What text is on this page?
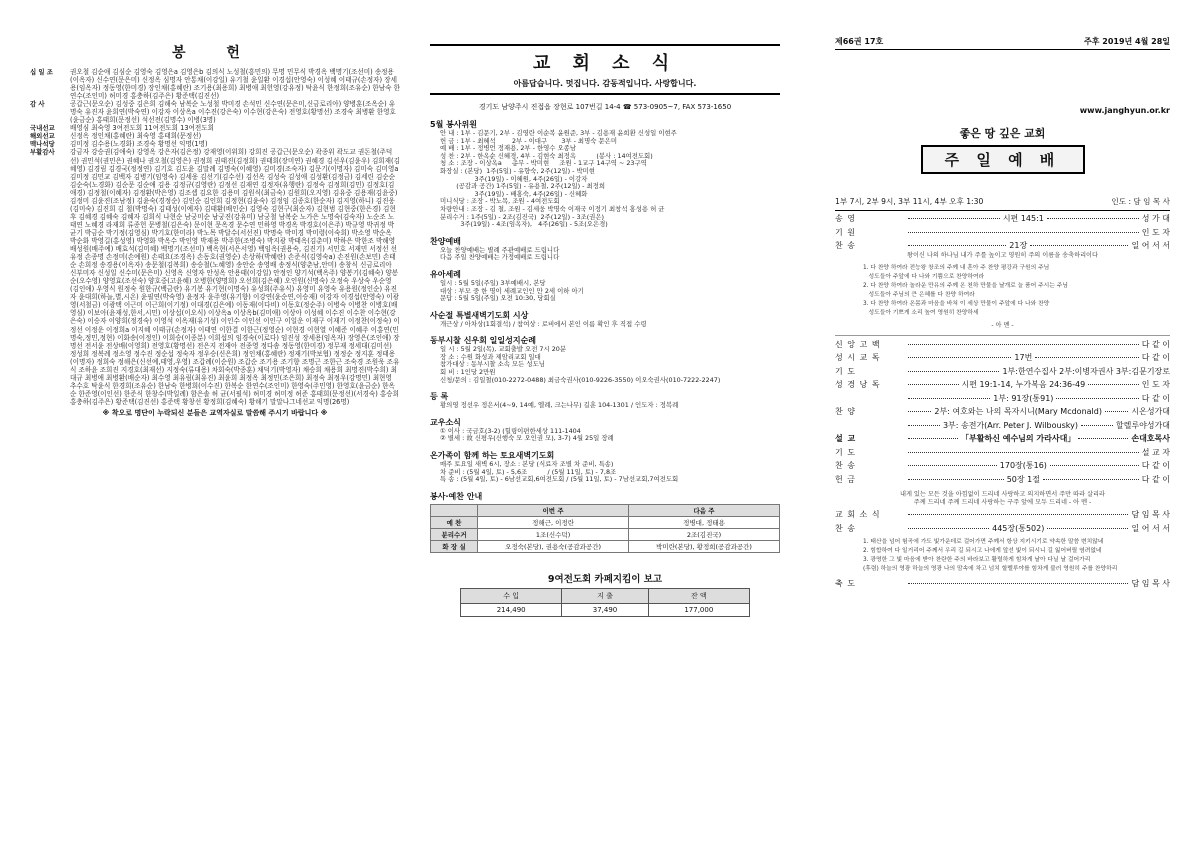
봉 헌
십 일 조	권오철 김순애 김심순 김영숙 김영은a 김영은b 김의식 노성철(흥민의) 무명 민무식 박경옥 백명기(조선미) 송정용(이옥자) 신수연(문은미) 신정옥 심명자 안통채(이강일) 유기철 윤일환 이경섭(안영숙) 이성혜 이태규(손정자) 장세용(임옥자) 정동영(한미경) 장인채(홍혜란) 조기용(최용희) 최병애 최헌영(강유정) 탁윤식 한정희(조유순) 한남숙 한연수(조인미) 허미경 홍충하(김주은) 황준택(김진선)
감 사	공갑근(문오순) 김성중 김은희 김해숙 남복순 노성철 박미경 손석민 신수연(문은미,신금로리아) 양병훈(조옥순) 유명숙 유진자 윤희연(박숙연) 이강자 이상옥a 이수진(강은숙) 이수현(강은숙) 전영호(황명선) 조경숙 최병환 한영호(윤금순) 홍태희(문정선) 석선전(김명수) 이병(3명)
국내선교	배영심 최숙영 3여전도회 11여전도회 13여전도회
해외선교	신정옥 정인채(홍혜란) 최숙영 홍태희(문정선)
맥나석당	김미정 김수용(노경화) 조경숙 황명선 익명(1명)
부활감사	강금자 강승권(김애숙) 강영옥 강은자(김은정) 강재영(이위희) 강희진 공갑근(문오순) 곽종위 곽도교 권돈철(주덕선) 권민석(권민은) 권혜나 권오철(김영은) 권정희 권태진(김정희) 권태희(장미연) 권혜경 김선우(김윤우) 김희재(김혜영) 김경림 김경국(정정연) 김기호 김도윤 김말례 김명숙(이혜영) 김미경(조숙자) 김문기(이명자) 김미숙 김미영a 김미정 김민교 김백자 김병기(임영숙) 김세웅 김선기(김수선) 김선옥 김성숙 김성애 김성환(김정금) 김세린 김순순 김순숙(노경화) 김순문 김순애 김용 김정규(김영란) 김정선 김재연 김정자(유행란) 김정숙 김정희(김민) 김정호(김애경) 김정철(이혜자) 김정환(박은영) 김조셉 김요한 김용미 김원식(최금숙) 김원희(오지영) 김유중 김용재(김윤중) 김정미 김윤진(조남정) 김윤숙(경정순) 김인순 김인희 김정현(김윤숙) 김정임 김종호(한순자) 김지영(하니) 김진웅(김미숙) 김진희 김 철(박명숙) 김태성(이예자) 김태환(배인순) 김영숙 김현구(최순자) 김현범 김현중(한은경) 김현후 김혜경 김혜숙 김혜자 김희식 나현순 남궁미순 남궁진(강유미) 남궁철 남복순 노가은 노명숙(김숙자) 노순조 노태연 노혜경 라재희 류종헌 문병철(김은숙) 문이현 문옥경 문수연 민하영 박경옥 박경호(이은주) 박규영 박귀정 박균기 박금순 박기정(김영심) 박기호(한미라) 박노목 박달수(서선진) 박명숙 박미경 박미령(이숙희) 박소영 박순옥 박순화 박영길(홍성영) 박영화 박옥수 박인영 박재용 박주한(조병숙) 박지광 박태옥(김춘미) 박하은 박한조 박해영 배성원(배주예) 배효석(김미혜) 백명기(조선미) 백옥현(서은서영) 백임옥(권용숙, 김진기) 서민호 서재민 서정선 선유정 손종명 손정미(손예원) 손태요(조경옥) 손동호(권영순) 손상하(박혜란) 손준식(김영숙a) 손진원(손보민) 손태순 손희정 송경용(이옥자) 송문철(김복희) 송승철(노혜영) 송안순 송영배 송정식(양춘남,안미) 송창식 신금로리아 신부미자 신성일 신수미(문은미) 신영옥 신영자 안성옥 안용태(이강일) 안정인 양기석(백옥주) 양봉기(김혜숙) 양봉순(오수영) 양영효(조선숙) 양호중(고윤혜) 오병한(양명희) 오선희(김은혜) 오인원(신명숙) 오정숙 우상숙 우순영(김인애) 우영식 원정숙 원한규(백금란) 유기봉 유기현(이명숙) 유성희(주유식) 유영미 유영숙 유용원(정인순) 유진자 윤대희(하늘,별,시온) 윤필연(박숙영) 윤정자 윤주영(유기향) 이강연(윤순연,이승재) 이강자 이경섭(안영숙) 이광영(서철금) 이광택 이근미 이근희(이기정) 이대경(김은예) 이동재(이다비) 이동호(정순주) 이병숙 이병찬 이병호(배영심) 이보아(윤재성,한서,시민) 이상섭(이오식) 이상옥a 이상옥b(김미애) 이상아 이성혜 이수진 이수찬 이수현(강은숙) 이승자 이양희(정경숙) 이영석 이옥재(유기성) 이인수 이인선 이인구 이일운 이재구 이재기 이정찬(이정숙) 이정선 이정운 이정희a 이지혜 이태규(손정자) 이태연 이한결 이한근(정영순) 이현경 이현열 이혜준 이혜주 이홍연(민명숙,정민,정현) 이화송(이정인) 이희승(이종분) 이희섭의 임경숙(이로다) 임진성 장세용(임옥자) 장영은(조인애) 장명선 전서윤 전상배(이영희) 전영호(황명선) 전은지 전재아 전종영 정다솜 정동영(한미경) 정무재 정세대(김미선) 정성희 정복례 정소영 정수진 정순섭 정숙자 정우승(신은희) 정인채(홍혜란) 정재기(박보협) 정정순 정지훈 정태용(이명자) 정희숙 정해은(신선예,태영,우영) 조갑례(이순원) 조갑순 조기용 조기향 조명근 조한근 조숙경 조원욱 조유식 조하윤 조희진 지경호(최재선) 지정숙(류대용) 차회숙(박종훈) 채덕기(박영자) 채승희 채용희 최명진(박수희) 최대규 최병애 최병환(배순자) 최수영 최유림(최유진) 최윤희 최정옥 최정민(조은희) 최정숙 최정우(강명민) 최현영 추수호 탁윤식 한경희(조유순) 한남숙 한병희(이수진) 한복순 한연수(조인미) 한영숙(주민영) 한영호(윤금순) 한옥순 한준영(이인선) 한준식 한창수(박일례) 함은솔 허 균(서필석) 허미경 허미정 허준 홍태희(문정선)(서경숙) 홍승희 홍충하(김주은) 황준택(김진선) 홍준택 황창선 황정희(김혜숙) 황해기 말말나그네선교 익명(26명)
※ 착오로 명단이 누락되신 분들은 교역자실로 말씀해 주시기 바랍니다 ※
교 회 소 식
아름답습니다. 멋집니다. 감동적입니다. 사랑합니다.
경기도 남양주시 진접읍 장현로 107번길 14-4 ☎ 573-0905~7, FAX 573-1650
5월 봉사위원
안 내 : 1부 - 김문기, 2부 - 김영란 이순복 윤원준, 3부 - 김용재 윤희환 신성일 이현주
헌 금 : 1부 - 최혜석        2부 - 이대구       3부 - 최명숙 문은미
예 배 : 1부 - 정병언 정재용, 2부 - 한영수 오종남
성 찬 : 2부 - 한옥순 신혜경, 4부 - 김현숙 최정옥          (봉사 : 14여전도회)
청 소 : 조장 - 이상옥a     총무 - 박미현     조원 - 1교구 14구역 ~ 23구역
화장실 : (본당)  1주(5일) - 유향숙, 2주(12일) - 박미현
3주(19일) - 이혜원, 4주(26일) - 이강자
(공감과 공간) 1주(5일) - 유용철, 2주(12일) - 최정희
3주(19일) - 배홍숙, 4주(26일) - 신혜화
미니식당 : 조장 - 박노목, 조원 - 4여전도회
차량안내 : 조장 - 김 철, 조원 - 김세웅 박명숙 이재국 이정기 최창석 홍성용 허 균
분리수거 : 1주(5일) - 2조(김진국)  2주(12일) - 3조(권은)
3주(19일) - 4조(임옥자),   4주(26일) - 5조(오은경)
찬양예배
오늘 찬양예배는 별례 주관예배로 드립니다
다음 주일 찬양예배는 가정예배로 드립니다
유아세례
일시 : 5월 5일(주일) 3부예배시, 본당
대상 : 부모 중 한 명이 세례교인인 만 2세 이하 아기
문답 : 5월 5일(주일) 오전 10:30, 당회실
사순절 특별새벽기도회 시상
개근상 / 아차상(1회결석) / 참여상 : 로비에서 본인 이름 확인 후 직접 수령
동부시찰 신우회 일일성지순례
일 시 : 5월 2일(목), 교회출발 오전 7시 20분
장 소 : 수원 화성과 제암리교회 일대
참가대상 : 동부시찰 소속 모든 성도님
회 비 : 1인당 2만원
신청/문의 : 김일철(010-2272-0488) 최금숙권사(010-9226-3550) 이오숙권사(010-7222-2247)
등 록
황의영 정선우 정은서(4~9, 14예, 엘례, 크는나무) 길훈 104-1301 / 인도자 : 정복례
교우소식
① 이사 : 국금호(3-2) (힐링이편한세상 111-1404
② 별세 : 故 신평우(신행숙 모 오인권 모), 3-7) 4월 25일 장례
온가족이 함께 하는 토요새벽기도회
매주 토요일 새벽 6시, 장소 : 본당 (식료자 조별 차 준비, 특송)
차 준비 : (5월 4일, 토) - 5,6조          / (5월 11일, 토) - 7,8조
특 송 : (5월 4일, 토) - 6남선교회,6여전도회 / (5월 11일, 토) - 7남선교회,7여전도회
봉사·예찬 안내
	이번 주	다음 주
예 찬	정해근, 이정란	정병대, 정태용
분리수거	1조(신수덕)	2조(김진국)
화 장 실	오정숙(본당), 권용숙(공감과공간)	박미란(본당), 황정희(공감과공간)
9여전도회 카페지킴이 보고
수 입	지 출	잔 액
214,490	37,490	177,000
제66권 17호	주후 2019년 4월 28일
www.janghyun.or.kr
좋은 땅 깊은 교회
주 일 예 배
1부 7시, 2부 9시, 3부 11시, 4부 오후 1:30	인도 : 담 임 목 사
송 영	시편 145:1	성 가 대
기 원	인 도 자
찬 송	21장	일 어 서 서
왕이신 나의 하나님 내가 주를 높이고 영원히 주의 이름을 송축하리이다
1. 다 찬양 하여라 전능왕 창조의 주께 내 혼아 주 찬양 평강과 구원의 주님
성도들아 주앞에 다 나와 기쁨으로 찬양하여라
2. 다 찬양 하여라 놀라운 만유의 주께 온 천하 만물을 날개로 늘 품어 주시는 주님
성도들아 주님의 큰 은혜를 다 찬양 하여라
3. 다 찬양 하여라 온몸과 마음을 바쳐 이 세상 만물이 주앞에 다 나와 찬양
성도들아 기쁘게 소리 높여 영원히 찬양하세
- 아 멘 -
신 앙 고 백	다 같 이
성 시 교 독	17번	다 같 이
기 도	1부:한연수집사 2부:이병자권사 3부:김문기장로
성 경 낭 독	시편 19:1-14, 누가복음 24:36-49	인 도 자
1부: 91장(통91)	다 같 이
찬 양	2부: 여호와는 나의 목자시니(Mary Mcdonald)	시온성가대
3부: 송전가(Arr. Peter J. Wilbousky)	할렐루야성가대
설 교	「부활하신 예수님의 가라사대」	손대호목사
기 도	설 교 자
찬 송	170장(통16)	다 같 이
헌 금	50장 1절	다 같 이
내게 있는 모든 것을 아낌없이 드리네 사랑하고 의지하면서 주만 따라 살리라
주께 드리네 주께 드리네 사랑하는 구주 앞에 모두 드리네 - 아 멘 -
교 회 소 식	담 임 목 사
찬 송	445장(통502)	일 어 서 서
1. 태산을 넘어 험곡에 가도 빛가운데로 걸어가면 주께서 항상 지키시기로 약속한 말씀 변치않네
2. 힘합하여 다 일거리어 주께서 우리 길 되시고 나에게 앞선 빛이 되시니 길 잃어버릴 염려없네
3. 광명한 그 빛 마음에 받아 찬란한 주의 바라보고 활렬하게 힘차게 날아 다닐 날 걸어가리
(후렴) 하늘의 영광 하늘의 영광 나의 맘속에 차고 넘치 할렐루야를 힘차게 불러 영원히 주를 찬양하리
축 도	담 임 목 사
